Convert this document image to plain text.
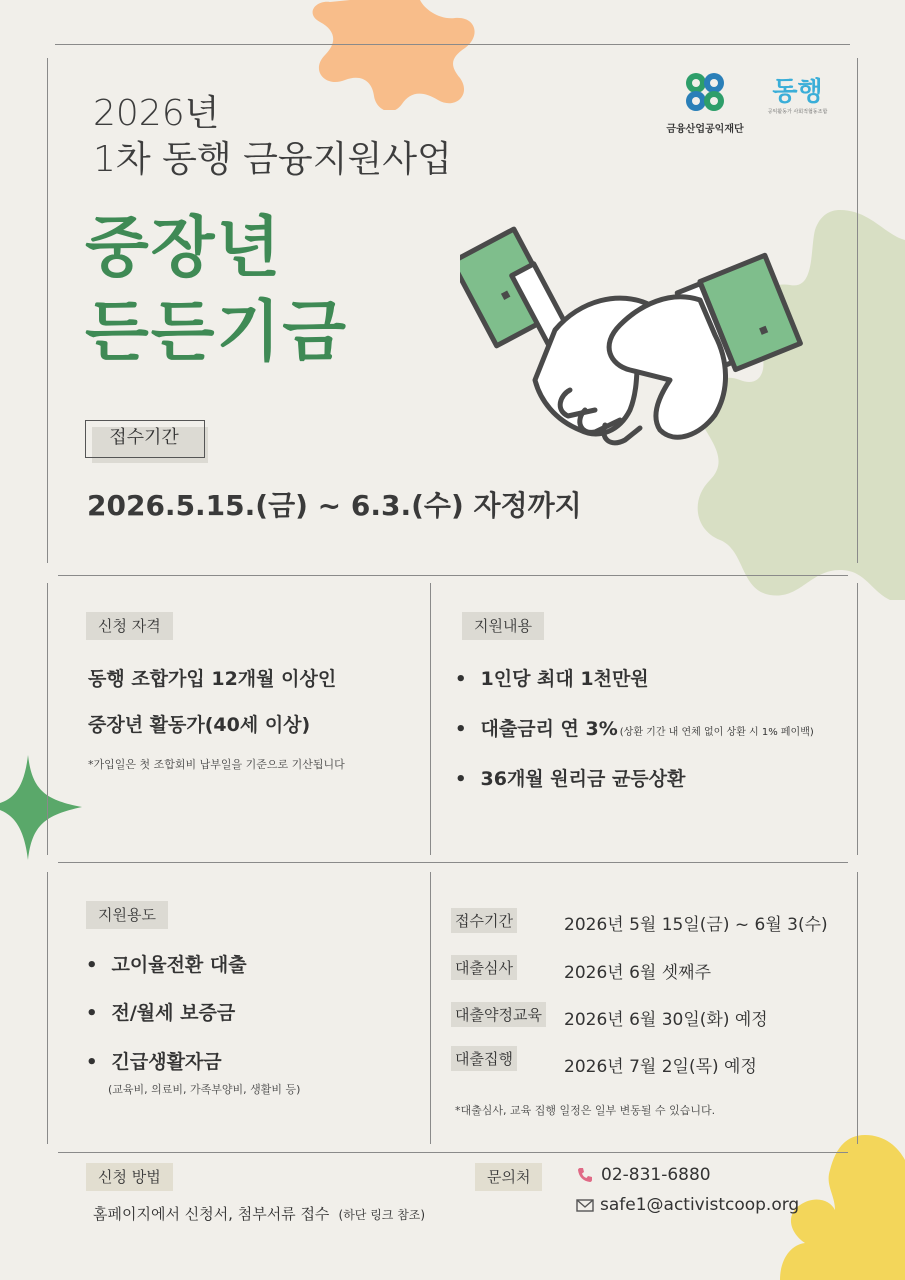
2026년
1차 동행 금융지원사업
중장년
든든기금
금융산업공익재단
동행
공익활동가 사회적협동조합
접수기간
2026.5.15.(금) ~ 6.3.(수) 자정까지
신청 자격
동행 조합가입 12개월 이상인
중장년 활동가(40세 이상)
*가입일은 첫 조합회비 납부일을 기준으로 기산됩니다
지원내용
• 1인당 최대 1천만원
• 대출금리 연 3% (상환 기간 내 연체 없이 상환 시 1% 페이백)
• 36개월 원리금 균등상환
지원용도
• 고이율전환 대출
• 전/월세 보증금
• 긴급생활자금
(교육비, 의료비, 가족부양비, 생활비 등)
접수기간	2026년 5월 15일(금) ~ 6월 3(수)
대출심사	2026년 6월 셋째주
대출약정교육 2026년 6월 30일(화) 예정
대출집행	2026년 7월 2일(목) 예정
*대출심사, 교육 집행 일정은 일부 변동될 수 있습니다.
신청 방법
홈페이지에서 신청서, 첨부서류 접수 (하단 링크 참조)
문의처	02-831-6880
safe1@activistcoop.org
